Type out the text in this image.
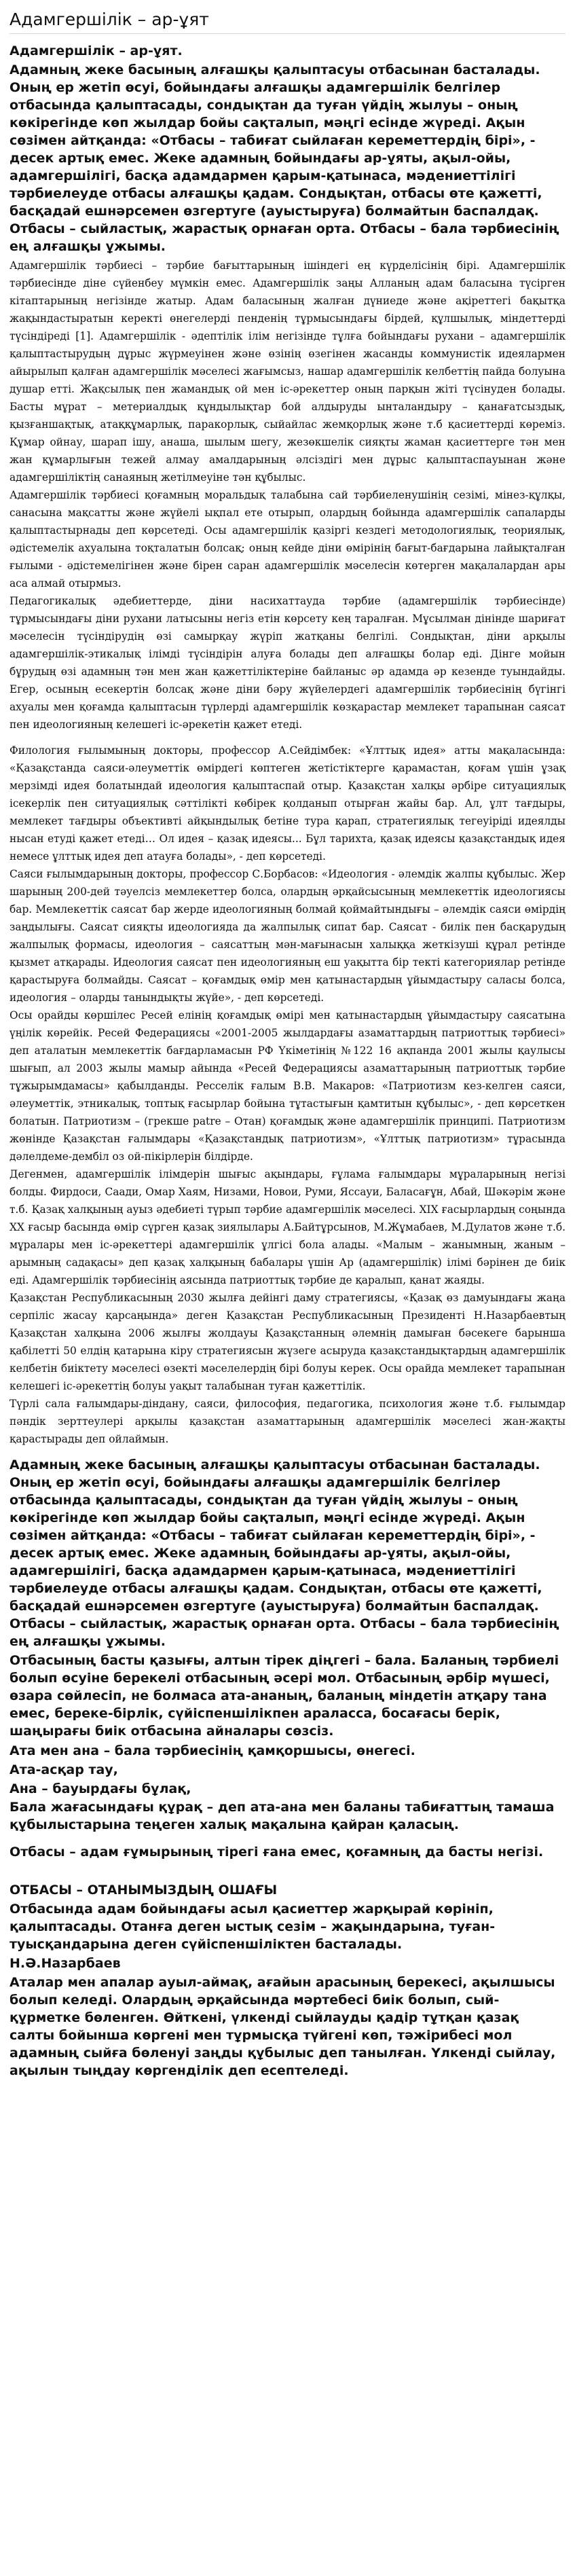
Адамгершілік – ар-ұят

Адамгершілік – ар-ұят.

Адамның жеке басының алғашқы қалыптасуы отбасынан басталады. Оның ер жетіп өсуі, бойындағы алғашқы адамгершілік белгілер отбасында қалыптасады, сондықтан да туған үйдің жылуы – оның көкірегінде көп жылдар бойы сақталып, мәңгі есінде жүреді. Ақын сөзімен айтқанда: «Отбасы – табиғат сыйлаған кереметтердің бірі», - десек артық емес. Жеке адамның бойындағы ар-ұяты, ақыл-ойы, адамгершілігі, басқа адамдармен қарым-қатынаса, мәдениеттілігі тәрбиелеуде отбасы алғашқы қадам. Сондықтан, отбасы өте қажетті, басқадай ешнәрсемен өзгертуге (ауыстыруға) болмайтын баспалдақ. Отбасы – сыйластық, жарастық орнаған орта. Отбасы – бала тәрбиесінің ең алғашқы ұжымы.

Адамгершілік тәрбиесі – тәрбие бағыттарының ішіндегі ең күрделісінің бірі. Адамгершілік тәрбиесінде діне сүйенбеу мүмкін емес. Адамгершілік заңы Алланың адам баласына түсірген кітаптарының негізінде жатыр. Адам баласының жалған дүниеде және ақіреттегі бақытқа жақындастыратын керекті өнегелерді пенденің тұрмысындағы бірдей, құлшылық, міндеттерді түсіндіреді [1]. Адамгершілік - әдептілік ілім негізінде тұлға бойындағы рухани – адамгершілік қалыптастырудың дұрыс жүрмеуінен және өзінің өзегінен жасанды коммунистік идеялармен айырылып қалған адамгершілік мәселесі жағымсыз, нашар адамгершілік келбеттің пайда болуына душар етті. Жақсылық пен жамандық ой мен іс-әрекеттер оның парқын жіті түсінуден болады. Басты мұрат – метериалдық құндылықтар бой алдыруды ынталандыру – қанағатсыздық, қызғаншақтық, атаққұмарлық, паракорлық, сыйайлас жемқорлық және т.б қасиеттерді көреміз. Құмар ойнау, шарап ішу, анаша, шылым шегу, жезөкшелік сияқты жаман қасиеттерге тән мен жан құмарлығын тежей алмау амалдарының әлсіздігі мен дұрыс қалыптаспауынан және адамгершіліктің санаяның жетілмеуіне тән құбылыс.

Адамгершілік тәрбиесі қоғамның моральдық талабына сай тәрбиеленушінің сезімі, мінез-құлқы, санасына мақсатты және жүйелі ықпал ете отырып, олардың бойында адамгершілік сапаларды қалыптастырнады деп көрсетеді. Осы адамгершілік қазіргі кездегі методологиялық, теориялық, әдістемелік ахуалына тоқталатын болсақ; оның кейде діни өмірінің бағыт-бағдарына лайықталған ғылыми - әдістемелігінен және бірен саран адамгершілік мәселесін көтерген мақалалардан ары аса алмай отырмыз.

Педагогикалық әдебиеттерде, діни насихаттауда тәрбие (адамгершілік тәрбиесінде) тұрмысындағы діни рухани латысыны негіз етін көрсету кең таралған. Мұсылман дінінде шариғат мәселесін түсіндірудің өзі самырқау жүріп жатқаны белгілі. Сондықтан, діни арқылы адамгершілік-этикалық ілімді түсіндірін алуға болады деп алғашқы болар еді. Дінге мойын бұрудың өзі адамның тән мен жан қажеттіліктеріне байланыс әр адамда әр кезенде туындайды. Егер, осының есекертін болсақ және діни бәру жүйелердегі адамгершілік тәрбиесінің бүгінгі ахуалы мен қоғамда қалыптасын түрлерді адамгершілік көзқарастар мемлекет тарапынан саясат пен идеологияның келешегі іс-әрекетін қажет етеді.

Филология ғылымының докторы, профессор А.Сейдімбек: «Ұлттық идея» атты мақаласында: «Қазақстанда саяси-әлеуметтік өмірдегі көптеген жетістіктерге қарамастан, қоғам үшін ұзақ мерзімді идея болатындай идеология қалыптаспай отыр. Қазақстан халқы әрбіре ситуациялық ісекерлік пен ситуациялық сәттілікті көбірек қолданып отырған жайы бар. Ал, ұлт тағдыры, мемлекет тағдыры объективті айқындылық бетіне тура қарап, стратегиялық тегеуіріді идеялды нысан етуді қажет етеді… Ол идея – қазақ идеясы... Бұл тарихта, қазақ идеясы қазақстандық идея немесе ұлттық идея деп атауға болады», - деп көрсетеді.

Саяси ғылымдарының докторы, профессор С.Борбасов: «Идеология - әлемдік жалпы құбылыс. Жер шарының 200-дей тәуелсіз мемлекеттер болса, олардың әрқайсысының мемлекеттік идеологиясы бар. Мемлекеттік саясат бар жерде идеологияның болмай қоймайтындығы – әлемдік саяси өмірдің заңдылығы. Саясат сияқты идеологияда да жалпылық сипат бар. Саясат - билік пен басқарудың жалпылық формасы, идеология – саясаттың мән-мағынасын халыққа жеткізуші құрал ретінде қызмет атқарады. Идеология саясат пен идеологияның еш уақытта бір текті категориялар ретінде қарастыруға болмайды. Саясат – қоғамдық өмір мен қатынастардың ұйымдастыру саласы болса, идеология – оларды танындықты жүйе», - деп көрсетеді.

Осы орайды көршілес Ресей елінің қоғамдық өмірі мен қатынастардың ұйымдастыру саясатына үңілік көрейік. Ресей Федерациясы «2001-2005 жылдардағы азаматтардың патриоттық тәрбиесі» деп аталатын мемлекеттік бағдарламасын РФ Үкіметінің №122 16 ақпанда 2001 жылы қаулысы шығып, ал 2003 жылы мамыр айында «Ресей Федерациясы азаматтарының патриоттық тәрбие тұжырымдамасы» қабылданды. Ресселік ғалым В.В. Макаров: «Патриотизм кез-келген саяси, әлеуметтік, этникалық, топтық ғасырлар бойына тұтастығын қамтитын құбылыс», - деп көрсеткен болатын. Патриотизм – (грекше patre – Отан) қоғамдық және адамгершілік принципі. Патриотизм жөнінде Қазақстан ғалымдары «Қазақстандық патриотизм», «Ұлттық патриотизм» тұрасында дәлелдеме-дембіл оз ой-пікірлерін білдірде.

Дегенмен, адамгершілік ілімдерін шығыс ақындары, ғұлама ғалымдары мұраларының негізі болды. Фирдоси, Саади, Омар Хаям, Низами, Новои, Руми, Яссауи, Баласағұн, Абай, Шәкәрім және т.б. Қазақ халқының ауыз әдебиеті түрып тәрбие адамгершілік мәселесі. XIX ғасырлардың соңында ХХ ғасыр басында өмір сүрген қазақ зиялылары А.Байтұрсынов, М.Жұмабаев, М.Дулатов және т.б. мұралары мен іс-әрекеттері адамгершілік ұлгісі бола алады. «Малым – жанымның, жаным – арымның садақасы» деп қазақ халқының бабалары үшін Ар (адамгершілік) ілімі бәрінен де биік еді. Адамгершілік тәрбиесінің аясында патриоттық тәрбие де қаралып, қанат жаяды.

Қазақстан Республикасының 2030 жылға дейінгі даму стратегиясы, «Қазақ өз дамуындағы жаңа серпіліс жасау қарсаңында» деген Қазақстан Республикасының Президенті Н.Назарбаевтың Қазақстан халқына 2006 жылғы жолдауы Қазақстанның әлемнің дамыған бәсекеге барынша қабілетті 50 елдің қатарына кіру стратегиясын жүзеге асыруда қазақстандықтардың адамгершілік келбетін биіктету мәселесі өзекті мәселелердің бірі болуы керек. Осы орайда мемлекет тарапынан келешегі іс-әрекеттің болуы уақыт талабынан туған қажеттілік.

Түрлі сала ғалымдары-діндану, саяси, философия, педагогика, психология және т.б. ғылымдар пәндік зерттеулері арқылы қазақстан азаматтарының адамгершілік мәселесі жан-жақты қарастырады деп ойлаймын.

Адамның жеке басының алғашқы қалыптасуы отбасынан басталады. Оның ер жетіп өсуі, бойындағы алғашқы адамгершілік белгілер отбасында қалыптасады, сондықтан да туған үйдің жылуы – оның көкірегінде көп жылдар бойы сақталып, мәңгі есінде жүреді. Ақын сөзімен айтқанда: «Отбасы – табиғат сыйлаған кереметтердің бірі», - десек артық емес. Жеке адамның бойындағы ар-ұяты, ақыл-ойы, адамгершілігі, басқа адамдармен қарым-қатынаса, мәдениеттілігі тәрбиелеуде отбасы алғашқы қадам. Сондықтан, отбасы өте қажетті, басқадай ешнәрсемен өзгертуге (ауыстыруға) болмайтын баспалдақ. Отбасы – сыйластық, жарастық орнаған орта. Отбасы – бала тәрбиесінің ең алғашқы ұжымы.

Отбасының басты қазығы, алтын тірек діңгегі – бала. Баланың тәрбиелі болып өсуіне берекелі отбасының әсері мол. Отбасының әрбір мүшесі, өзара сөйлесіп, не болмаса ата-ананың, баланың міндетін атқару тана емес, береке-бірлік, сүйіспеншілікпен араласса, босағасы берік, шаңырағы биік отбасына айналары сөзсіз.

Ата мен ана – бала тәрбиесінің қамқоршысы, өнегесі.

Ата-асқар тау,

Ана – бауырдағы бұлақ,

Бала жағасындағы құрақ – деп ата-ана мен баланы табиғаттың тамаша құбылыстарына теңеген халық мақалына қайран қаласың.

Отбасы – адам ғұмырының тірегі ғана емес, қоғамның да басты негізі.

ОТБАСЫ – ОТАНЫМЫЗДЫҢ ОШАҒЫ

Отбасында адам бойындағы асыл қасиеттер жарқырай көрініп, қалыптасады. Отанға деген ыстық сезім – жақындарына, туған-туысқандарына деген сүйіспеншіліктен басталады.

Н.Ә.Назарбаев

Аталар мен апалар ауыл-аймақ, ағайын арасының берекесі, ақылшысы болып келеді. Олардың әрқайсында мәртебесі биік болып, сый-құрметке бөленген. Өйткені, үлкенді сыйлауды қадір тұтқан қазақ салты бойынша көргені мен тұрмысқа түйгені көп, тәжірибесі мол адамның сыйға бөленуі заңды құбылыс деп танылған. Үлкенді сыйлау, ақылын тыңдау көргенділік деп есептеледі.
